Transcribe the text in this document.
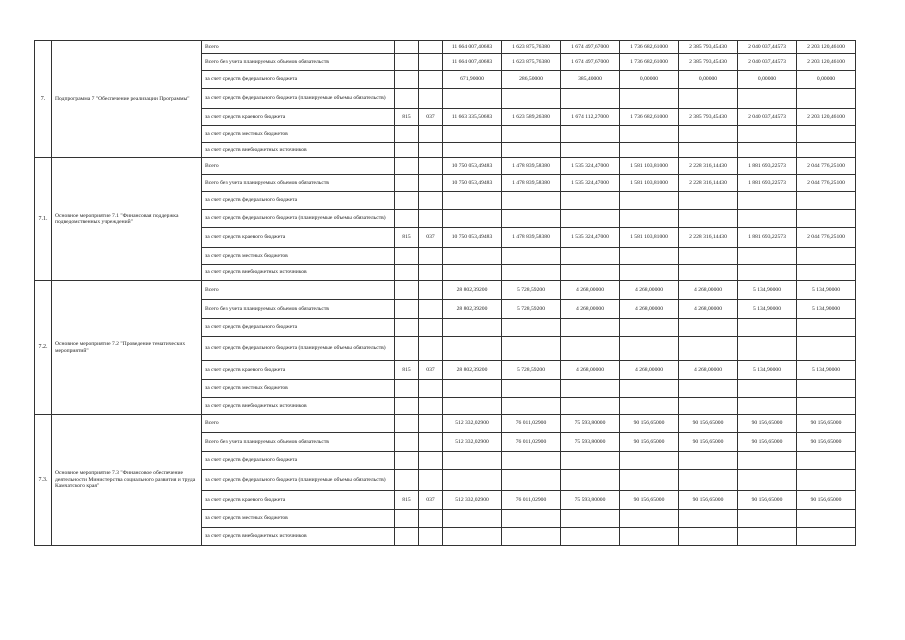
7.	Подпрограмма 7 "Обеспечение реализации Программы"	Всего			11 664 007,40683	1 623 875,76380	1 674 497,67000	1 736 682,61000	2 385 793,45430	2 040 037,44573	2 203 120,46100
		Всего без учета планируемых объемов обязательств			11 664 007,40683	1 623 875,76380	1 674 497,67000	1 736 682,61000	2 385 793,45430	2 040 037,44573	2 203 120,46100
		за счет средств федерального бюджета			671,90000	286,50000	385,40000	0,00000	0,00000	0,00000	0,00000
		за счет средств федерального бюджета (планируемые объемы обязательств)									
		за счет средств краевого бюджета	815	037	11 663 335,50683	1 623 589,26380	1 674 112,27000	1 736 682,61000	2 385 793,45430	2 040 037,44573	2 203 120,46100
		за счет средств местных бюджетов									
		за счет средств внебюджетных источников									
7.1.	Основное мероприятие 7.1 "Финансовая поддержка подведомственных учреждений"	Всего			10 750 053,49483	1 478 839,58380	1 535 324,47000	1 581 103,81000	2 228 316,14430	1 881 693,22573	2 044 776,25100
		Всего без учета планируемых объемов обязательств			10 750 053,49483	1 478 839,58380	1 535 324,47000	1 581 103,81000	2 228 316,14430	1 881 693,22573	2 044 776,25100
		за счет средств федерального бюджета									
		за счет средств федерального бюджета (планируемые объемы обязательств)									
		за счет средств краевого бюджета	815	037	10 750 053,49483	1 478 839,58380	1 535 324,47000	1 581 103,81000	2 228 316,14430	1 881 693,22573	2 044 776,25100
		за счет средств местных бюджетов									
		за счет средств внебюджетных источников									
7.2.	Основное мероприятие 7.2 "Проведение тематических мероприятий"	Всего			28 802,39200	5 728,59200	4 268,00000	4 268,00000	4 268,00000	5 134,90000	5 134,90000
		Всего без учета планируемых объемов обязательств			28 802,39200	5 728,59200	4 268,00000	4 268,00000	4 268,00000	5 134,90000	5 134,90000
		за счет средств федерального бюджета									
		за счет средств федерального бюджета (планируемые объемы обязательств)									
		за счет средств краевого бюджета	815	037	28 802,39200	5 728,59200	4 268,00000	4 268,00000	4 268,00000	5 134,90000	5 134,90000
		за счет средств местных бюджетов									
		за счет средств внебюджетных источников									
7.3.	Основное мероприятие 7.3 "Финансовое обеспечение деятельности Министерства социального развития и труда Камчатского края"	Всего			512 332,02900	76 011,02900	75 593,80000	90 156,65000	90 156,65000	90 156,65000	90 156,65000
		Всего без учета планируемых объемов обязательств			512 332,02900	76 011,02900	75 593,80000	90 156,65000	90 156,65000	90 156,65000	90 156,65000
		за счет средств федерального бюджета									
		за счет средств федерального бюджета (планируемые объемы обязательств)									
		за счет средств краевого бюджета	815	037	512 332,02900	76 011,02900	75 593,80000	90 156,65000	90 156,65000	90 156,65000	90 156,65000
		за счет средств местных бюджетов									
		за счет средств внебюджетных источников									
